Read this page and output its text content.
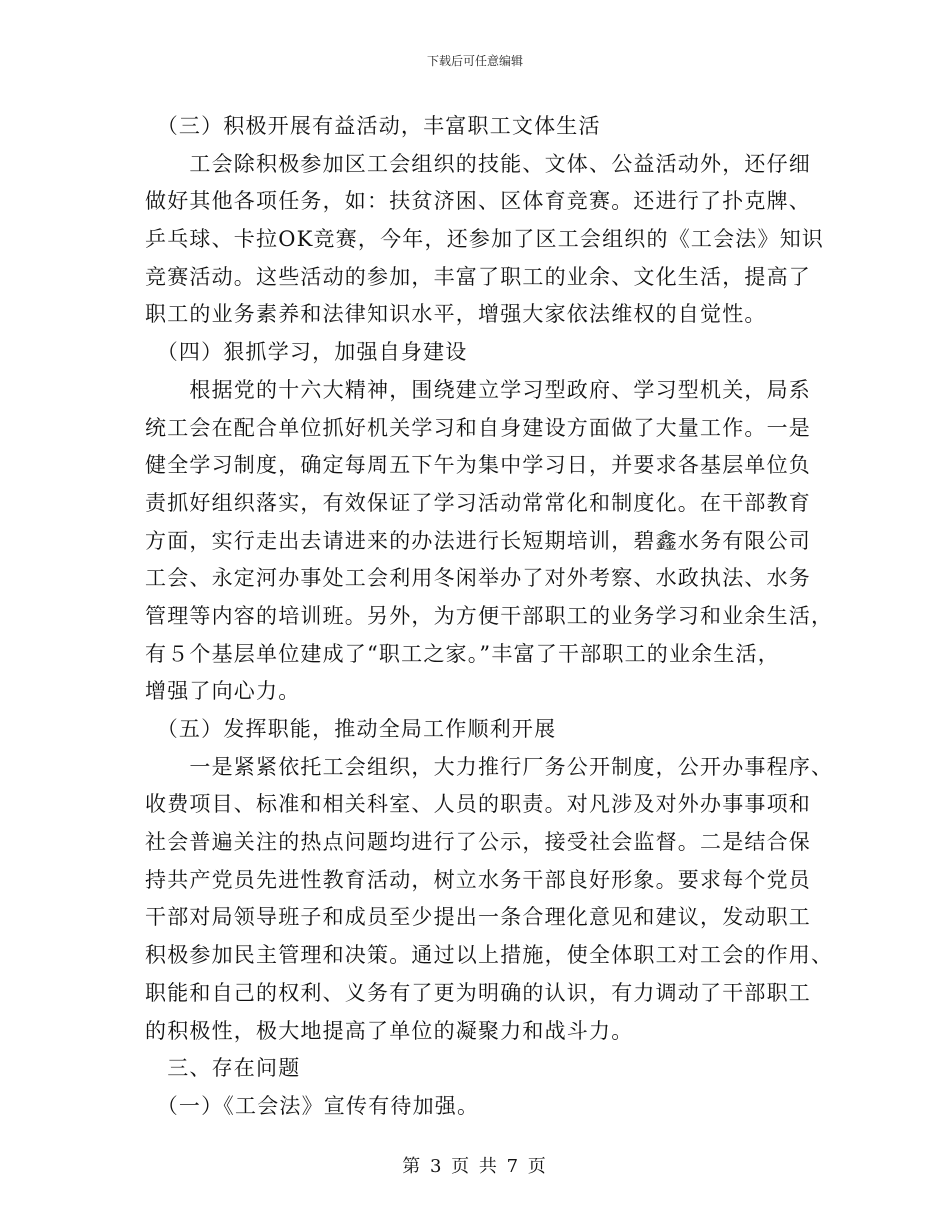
下载后可任意编辑
　（三）积极开展有益活动，丰富职工文体生活
　　工会除积极参加区工会组织的技能、文体、公益活动外，还仔细
做好其他各项任务，如：扶贫济困、区体育竞赛。还进行了扑克牌、
乒乓球、卡拉OK竞赛，今年，还参加了区工会组织的《工会法》知识
竞赛活动。这些活动的参加，丰富了职工的业余、文化生活，提高了
职工的业务素养和法律知识水平，增强大家依法维权的自觉性。
　（四）狠抓学习，加强自身建设
　　根据党的十六大精神，围绕建立学习型政府、学习型机关，局系
统工会在配合单位抓好机关学习和自身建设方面做了大量工作。一是
健全学习制度，确定每周五下午为集中学习日，并要求各基层单位负
责抓好组织落实，有效保证了学习活动常常化和制度化。在干部教育
方面，实行走出去请进来的办法进行长短期培训，碧鑫水务有限公司
工会、永定河办事处工会利用冬闲举办了对外考察、水政执法、水务
管理等内容的培训班。另外，为方便干部职工的业务学习和业余生活，
有５个基层单位建成了“职工之家。”丰富了干部职工的业余生活，
增强了向心力。
　（五）发挥职能，推动全局工作顺利开展
　　一是紧紧依托工会组织，大力推行厂务公开制度，公开办事程序、
收费项目、标准和相关科室、人员的职责。对凡涉及对外办事事项和
社会普遍关注的热点问题均进行了公示，接受社会监督。二是结合保
持共产党员先进性教育活动，树立水务干部良好形象。要求每个党员
干部对局领导班子和成员至少提出一条合理化意见和建议，发动职工
积极参加民主管理和决策。通过以上措施，使全体职工对工会的作用、
职能和自己的权利、义务有了更为明确的认识，有力调动了干部职工
的积极性，极大地提高了单位的凝聚力和战斗力。
　三、存在问题
　（一）《工会法》宣传有待加强。
第 3 页 共 7 页
